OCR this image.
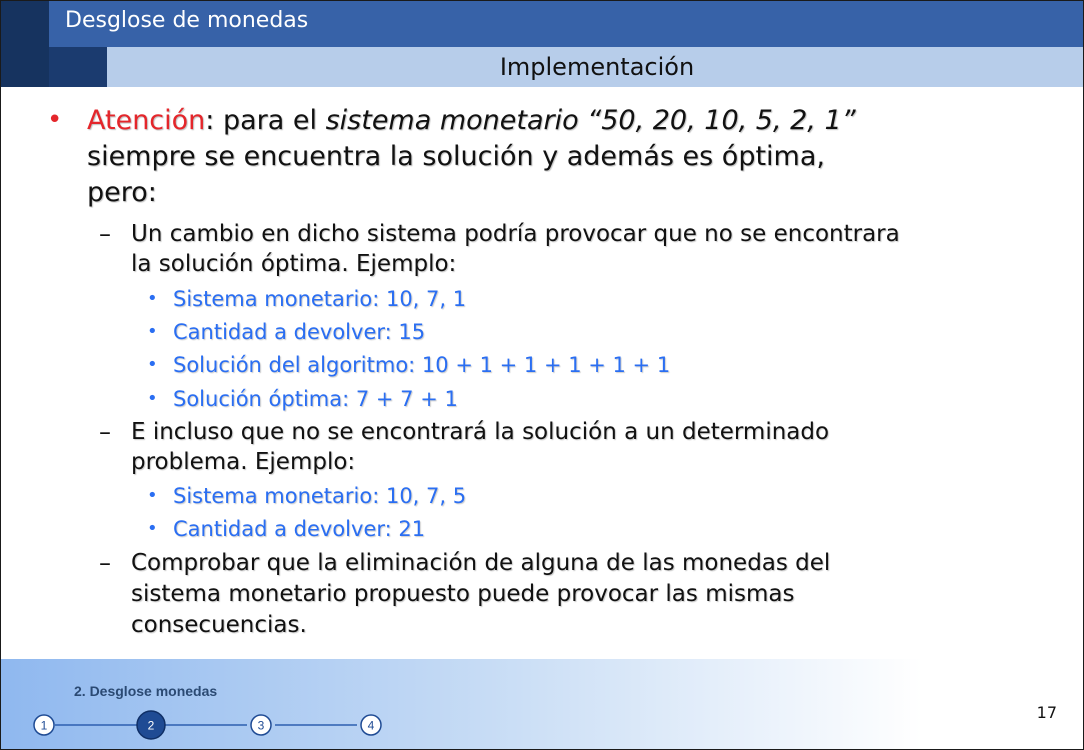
Desglose de monedas
Implementación
• Atención: para el sistema monetario “50, 20, 10, 5, 2, 1”
siempre se encuentra la solución y además es óptima,
pero:
– Un cambio en dicho sistema podría provocar que no se encontrara
la solución óptima. Ejemplo:
• Sistema monetario: 10, 7, 1
• Cantidad a devolver: 15
• Solución del algoritmo: 10 + 1 + 1 + 1 + 1 + 1
• Solución óptima: 7 + 7 + 1
– E incluso que no se encontrará la solución a un determinado
problema. Ejemplo:
• Sistema monetario: 10, 7, 5
• Cantidad a devolver: 21
– Comprobar que la eliminación de alguna de las monedas del
sistema monetario propuesto puede provocar las mismas
consecuencias.
2. Desglose monedas
1	2	3	4
17
